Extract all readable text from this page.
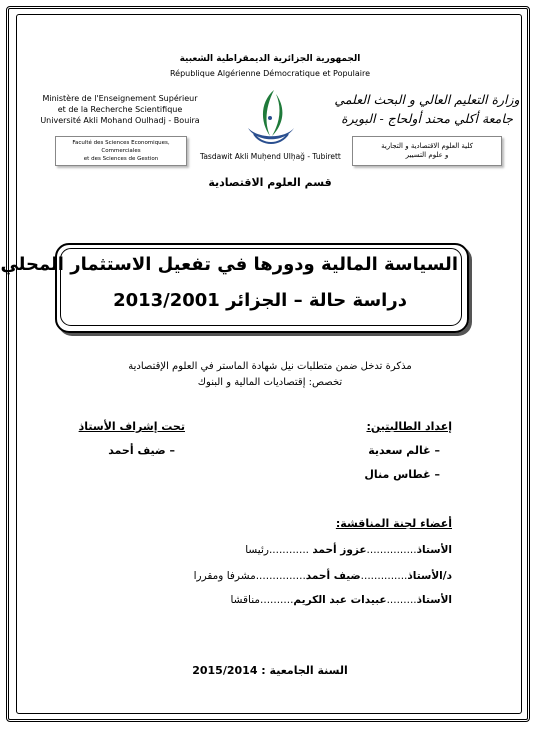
الجمهورية الجزائرية الديمقراطية الشعبية
République Algérienne Démocratique et Populaire
Ministère de l'Enseignement Supérieur
et de la Recherche Scientifique
Université Akli Mohand Oulhadj - Bouira
Faculté des Sciences Economiques, Commerciales
et des Sciences de Gestion
وزارة التعليم العالي و البحث العلمي
جامعة أكلي محند أولحاج - البويرة
كلية العلوم الاقتصادية و التجارية
و علوم التسيير
Tasdawit Akli Muḥend Ulḥağ - Tubirett
قسم العلوم الاقتصادية
السياسة المالية ودورها في تفعيل الاستثمار المحلي
دراسة حالة – الجزائر 2013/2001
مذكرة تدخل ضمن متطلبات نيل شهادة الماستر في العلوم الإقتصادية
تخصص: إقتصاديات المالية و البنوك
إعداد الطالبتين:
– غالم سعدية
– غطاس منال
تحت إشراف الأستاذ
– ضيف أحمد
أعضاء لجنة المناقشة:
الأستاذ...............عزوز أحمد ............رئيسا
د/الأستاذ..............ضيف أحمد...............مشرفا ومقررا
الأستاذ.........عبيدات عبد الكريم..........مناقشا
السنة الجامعية : 2015/2014
